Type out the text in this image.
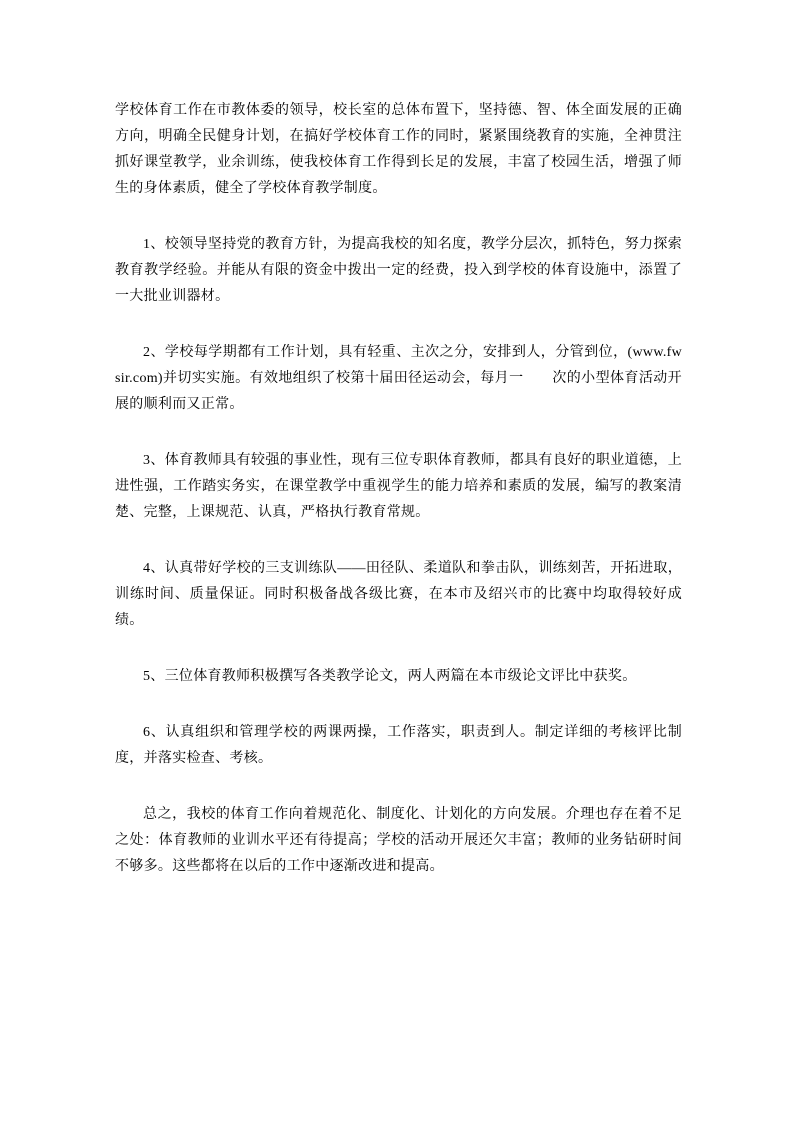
学校体育工作在市教体委的领导，校长室的总体布置下，坚持德、智、体全面发展的正确方向，明确全民健身计划，在搞好学校体育工作的同时，紧紧围绕教育的实施，全神贯注抓好课堂教学，业余训练，使我校体育工作得到长足的发展，丰富了校园生活，增强了师生的身体素质，健全了学校体育教学制度。

1、校领导坚持党的教育方针，为提高我校的知名度，教学分层次，抓特色，努力探索教育教学经验。并能从有限的资金中拨出一定的经费，投入到学校的体育设施中，添置了一大批业训器材。

2、学校每学期都有工作计划，具有轻重、主次之分，安排到人，分管到位，(www.fwsir.com)并切实实施。有效地组织了校第十届田径运动会，每月一　　次的小型体育活动开展的顺利而又正常。

3、体育教师具有较强的事业性，现有三位专职体育教师，都具有良好的职业道德，上进性强，工作踏实务实，在课堂教学中重视学生的能力培养和素质的发展，编写的教案清楚、完整，上课规范、认真，严格执行教育常规。

4、认真带好学校的三支训练队——田径队、柔道队和拳击队，训练刻苦，开拓进取，训练时间、质量保证。同时积极备战各级比赛，在本市及绍兴市的比赛中均取得较好成绩。

5、三位体育教师积极撰写各类教学论文，两人两篇在本市级论文评比中获奖。

6、认真组织和管理学校的两课两操，工作落实，职责到人。制定详细的考核评比制度，并落实检查、考核。

总之，我校的体育工作向着规范化、制度化、计划化的方向发展。介理也存在着不足之处：体育教师的业训水平还有待提高；学校的活动开展还欠丰富；教师的业务钻研时间不够多。这些都将在以后的工作中逐渐改进和提高。
